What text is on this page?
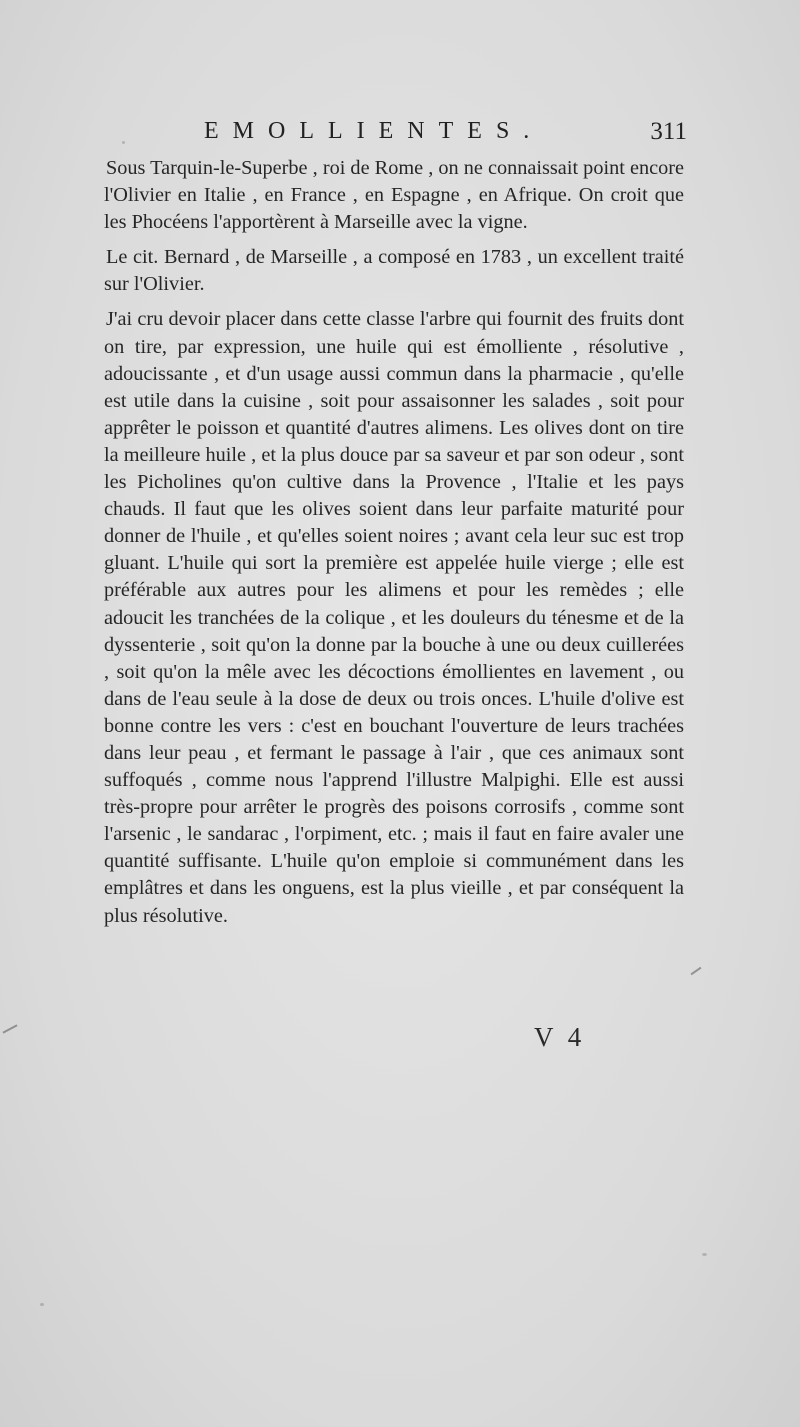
EMOLLIENTES.	311

Sous Tarquin-le-Superbe , roi de Rome , on ne connaissait point encore l'Olivier en Italie , en France , en Espagne , en Afrique. On croit que les Phocéens l'apportèrent à Marseille avec la vigne.

Le cit. Bernard , de Marseille , a composé en 1783 , un excellent traité sur l'Olivier.

J'ai cru devoir placer dans cette classe l'arbre qui fournit des fruits dont on tire, par expression, une huile qui est émolliente , résolutive , adoucissante , et d'un usage aussi commun dans la pharmacie , qu'elle est utile dans la cuisine , soit pour assaisonner les salades , soit pour apprêter le poisson et quantité d'autres alimens. Les olives dont on tire la meilleure huile , et la plus douce par sa saveur et par son odeur , sont les Picholines qu'on cultive dans la Provence , l'Italie et les pays chauds. Il faut que les olives soient dans leur parfaite maturité pour donner de l'huile , et qu'elles soient noires ; avant cela leur suc est trop gluant. L'huile qui sort la première est appelée huile vierge ; elle est préférable aux autres pour les alimens et pour les remèdes ; elle adoucit les tranchées de la colique , et les douleurs du ténesme et de la dyssenterie , soit qu'on la donne par la bouche à une ou deux cuillerées , soit qu'on la mêle avec les décoctions émollientes en lavement , ou dans de l'eau seule à la dose de deux ou trois onces. L'huile d'olive est bonne contre les vers : c'est en bouchant l'ouverture de leurs trachées dans leur peau , et fermant le passage à l'air , que ces animaux sont suffoqués , comme nous l'apprend l'illustre Malpighi. Elle est aussi très-propre pour arrêter le progrès des poisons corrosifs , comme sont l'arsenic , le sandarac , l'orpiment, etc. ; mais il faut en faire avaler une quantité suffisante. L'huile qu'on emploie si communément dans les emplâtres et dans les onguens, est la plus vieille , et par conséquent la plus résolutive.

V 4
